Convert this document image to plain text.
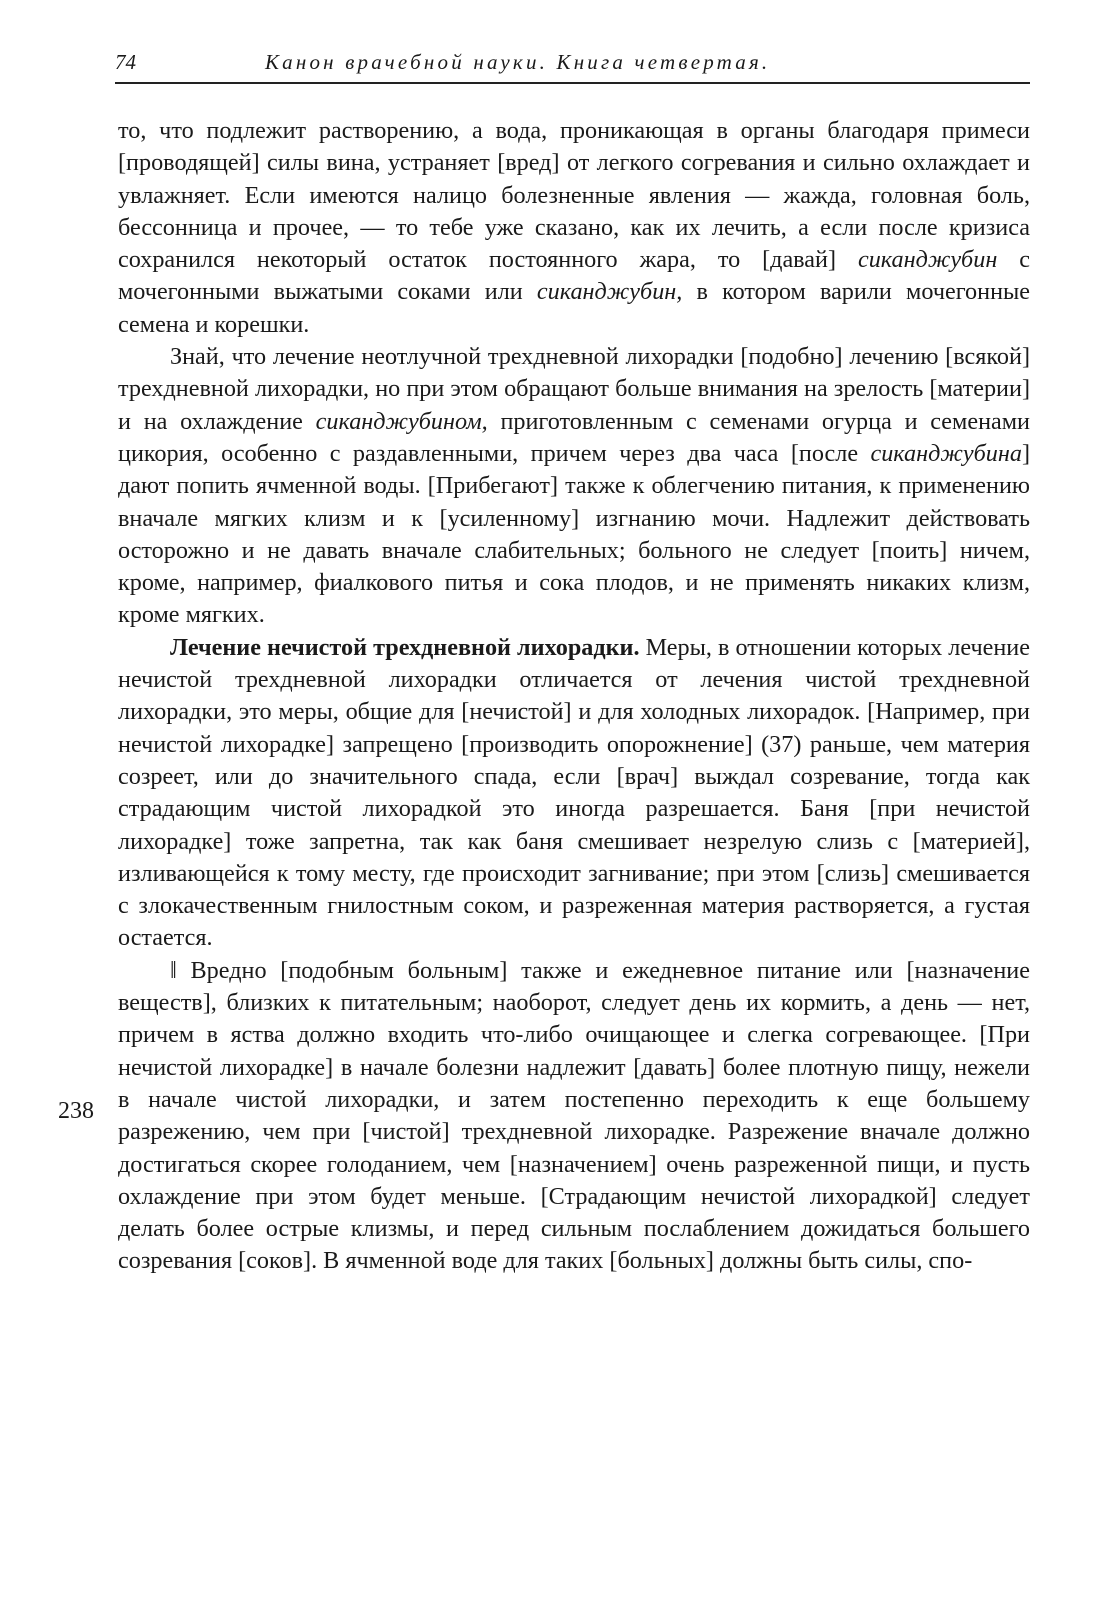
74	Канон врачебной науки. Книга четвертая.
238

то, что подлежит растворению, а вода, проникающая в органы благодаря примеси [проводящей] силы вина, устраняет [вред] от легкого согревания и сильно охлаждает и увлажняет. Если имеются налицо болезненные явления — жажда, головная боль, бессонница и прочее, — то тебе уже сказано, как их лечить, а если после кризиса сохранился некоторый остаток постоянного жара, то [давай] сиканджубин с мочегонными выжатыми соками или сиканджубин, в котором варили мочегонные семена и корешки.

Знай, что лечение неотлучной трехдневной лихорадки [подобно] лечению [всякой] трехдневной лихорадки, но при этом обращают больше внимания на зрелость [материи] и на охлаждение сиканджубином, приготовленным с семенами огурца и семенами цикория, особенно с раздавленными, причем через два часа [после сиканджубина] дают попить ячменной воды. [Прибегают] также к облегчению питания, к применению вначале мягких клизм и к [усиленному] изгнанию мочи. Надлежит действовать осторожно и не давать вначале слабительных; больного не следует [поить] ничем, кроме, например, фиалкового питья и сока плодов, и не применять никаких клизм, кроме мягких.

Лечение нечистой трехдневной лихорадки. Меры, в отношении которых лечение нечистой трехдневной лихорадки отличается от лечения чистой трехдневной лихорадки, это меры, общие для [нечистой] и для холодных лихорадок. [Например, при нечистой лихорадке] запрещено [производить опорожнение] (37) раньше, чем материя созреет, или до значительного спада, если [врач] выждал созревание, тогда как страдающим чистой лихорадкой это иногда разрешается. Баня [при нечистой лихорадке] тоже запретна, так как баня смешивает незрелую слизь с [материей], изливающейся к тому месту, где происходит загнивание; при этом [слизь] смешивается с злокачественным гнилостным соком, и разреженная материя растворяется, а густая остается.

‖ Вредно [подобным больным] также и ежедневное питание или [назначение веществ], близких к питательным; наоборот, следует день их кормить, а день — нет, причем в яства должно входить что-либо очищающее и слегка согревающее. [При нечистой лихорадке] в начале болезни надлежит [давать] более плотную пищу, нежели в начале чистой лихорадки, и затем постепенно переходить к еще большему разрежению, чем при [чистой] трехдневной лихорадке. Разрежение вначале должно достигаться скорее голоданием, чем [назначением] очень разреженной пищи, и пусть охлаждение при этом будет меньше. [Страдающим нечистой лихорадкой] следует делать более острые клизмы, и перед сильным послаблением дожидаться большего созревания [соков]. В ячменной воде для таких [больных] должны быть силы, спо-
